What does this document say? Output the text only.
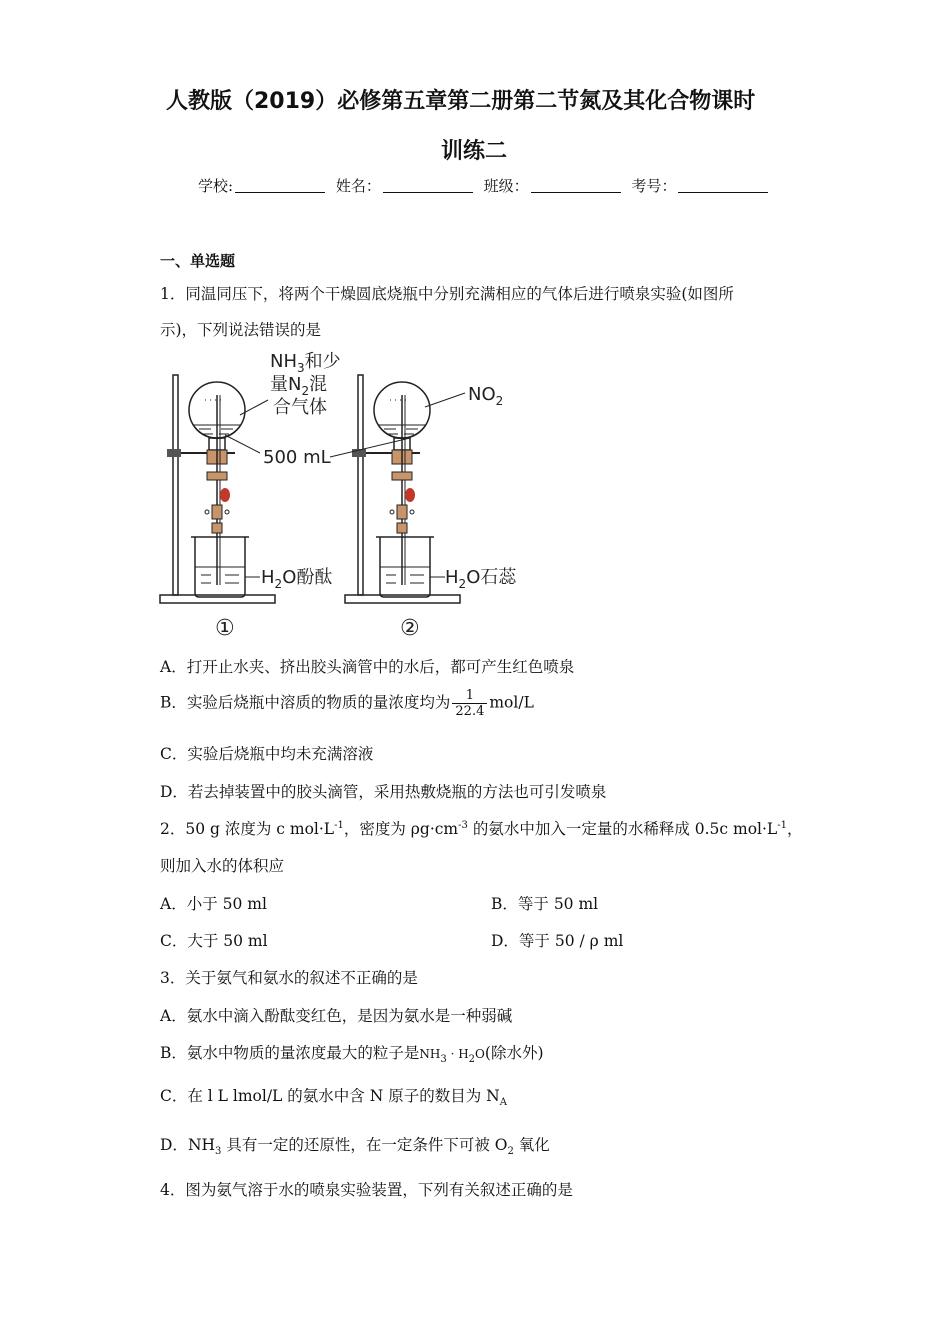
人教版（2019）必修第五章第二册第二节氮及其化合物课时
训练二
学校:	姓名：	班级：	考号：
一、单选题
1．同温同压下，将两个干燥圆底烧瓶中分别充满相应的气体后进行喷泉实验(如图所
示)，下列说法错误的是
˙˙˙˙	˙˙˙˙
$NH_3$和少
量$N_2$混
合气体
500 mL
$NO_2$
$H_2O$酚酞	$H_2O$石蕊
①	②
A．打开止水夹、挤出胶头滴管中的水后，都可产生红色喷泉
B．实验后烧瓶中溶质的物质的量浓度均为 $\frac{1}{22.4} mol/L$
C．实验后烧瓶中均未充满溶液
D．若去掉装置中的胶头滴管，采用热敷烧瓶的方法也可引发喷泉
2．50 g 浓度为 c $mol\cdot L^{-1}$，密度为 $\rho g\cdot cm^{-3}$ 的氨水中加入一定量的水稀释成 0.5c $mol\cdot L^{-1}$，
则加入水的体积应
A．小于 50 ml	B．等于 50 ml
C．大于 50 ml	D．等于 50 / ρ ml
3．关于氨气和氨水的叙述不正确的是
A．氨水中滴入酚酞变红色，是因为氨水是一种弱碱
B．氨水中物质的量浓度最大的粒子是$NH_3 \cdot H_2O$(除水外)
C．在 l L lmol/L 的氨水中含 N 原子的数目为 $N_A$
D．$NH_3$ 具有一定的还原性，在一定条件下可被 $O_2$ 氧化
4．图为氨气溶于水的喷泉实验装置，下列有关叙述正确的是
